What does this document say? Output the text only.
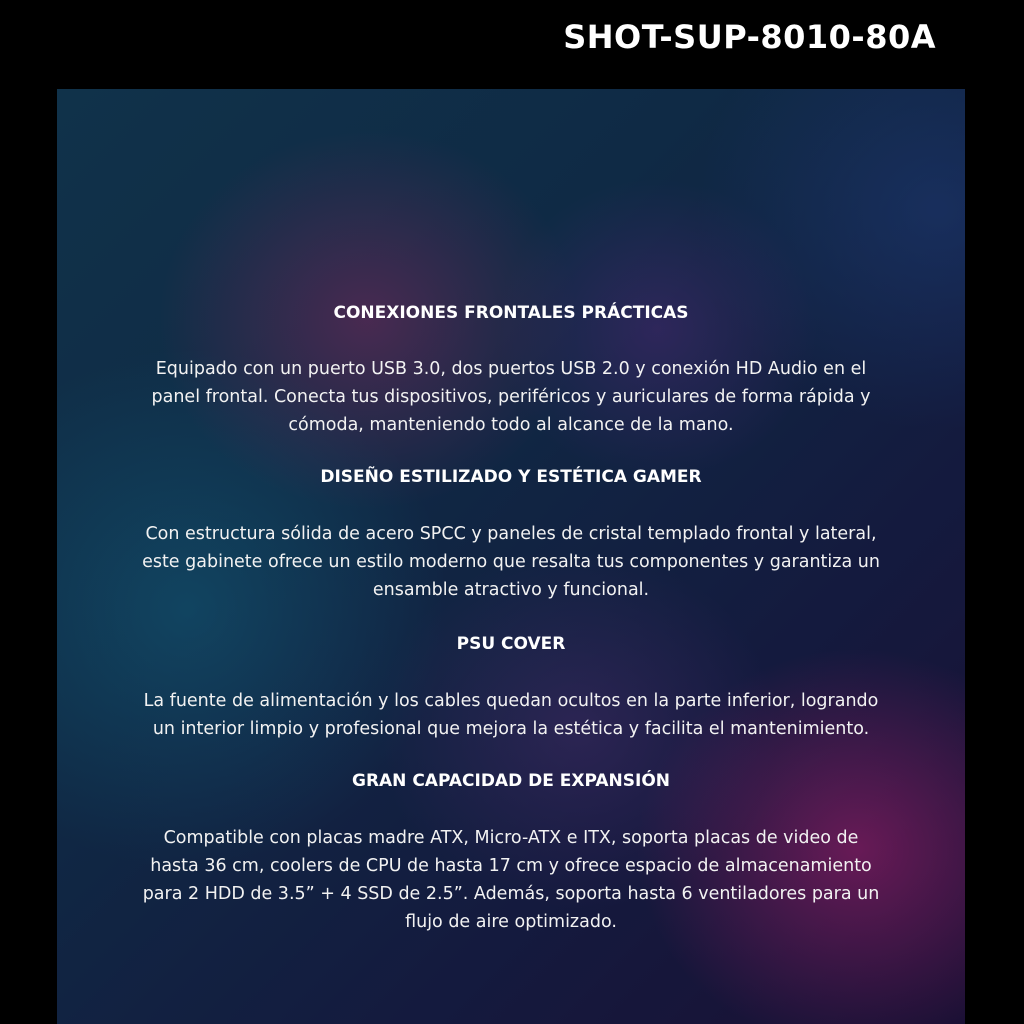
SHOT-SUP-8010-80A
CONEXIONES FRONTALES PRÁCTICAS

Equipado con un puerto USB 3.0, dos puertos USB 2.0 y conexión HD Audio en el panel frontal. Conecta tus dispositivos, periféricos y auriculares de forma rápida y cómoda, manteniendo todo al alcance de la mano.

DISEÑO ESTILIZADO Y ESTÉTICA GAMER

Con estructura sólida de acero SPCC y paneles de cristal templado frontal y lateral, este gabinete ofrece un estilo moderno que resalta tus componentes y garantiza un ensamble atractivo y funcional.

PSU COVER

La fuente de alimentación y los cables quedan ocultos en la parte inferior, logrando un interior limpio y profesional que mejora la estética y facilita el mantenimiento.

GRAN CAPACIDAD DE EXPANSIÓN

Compatible con placas madre ATX, Micro-ATX e ITX, soporta placas de video de hasta 36 cm, coolers de CPU de hasta 17 cm y ofrece espacio de almacenamiento para 2 HDD de 3.5” + 4 SSD de 2.5”. Además, soporta hasta 6 ventiladores para un flujo de aire optimizado.
